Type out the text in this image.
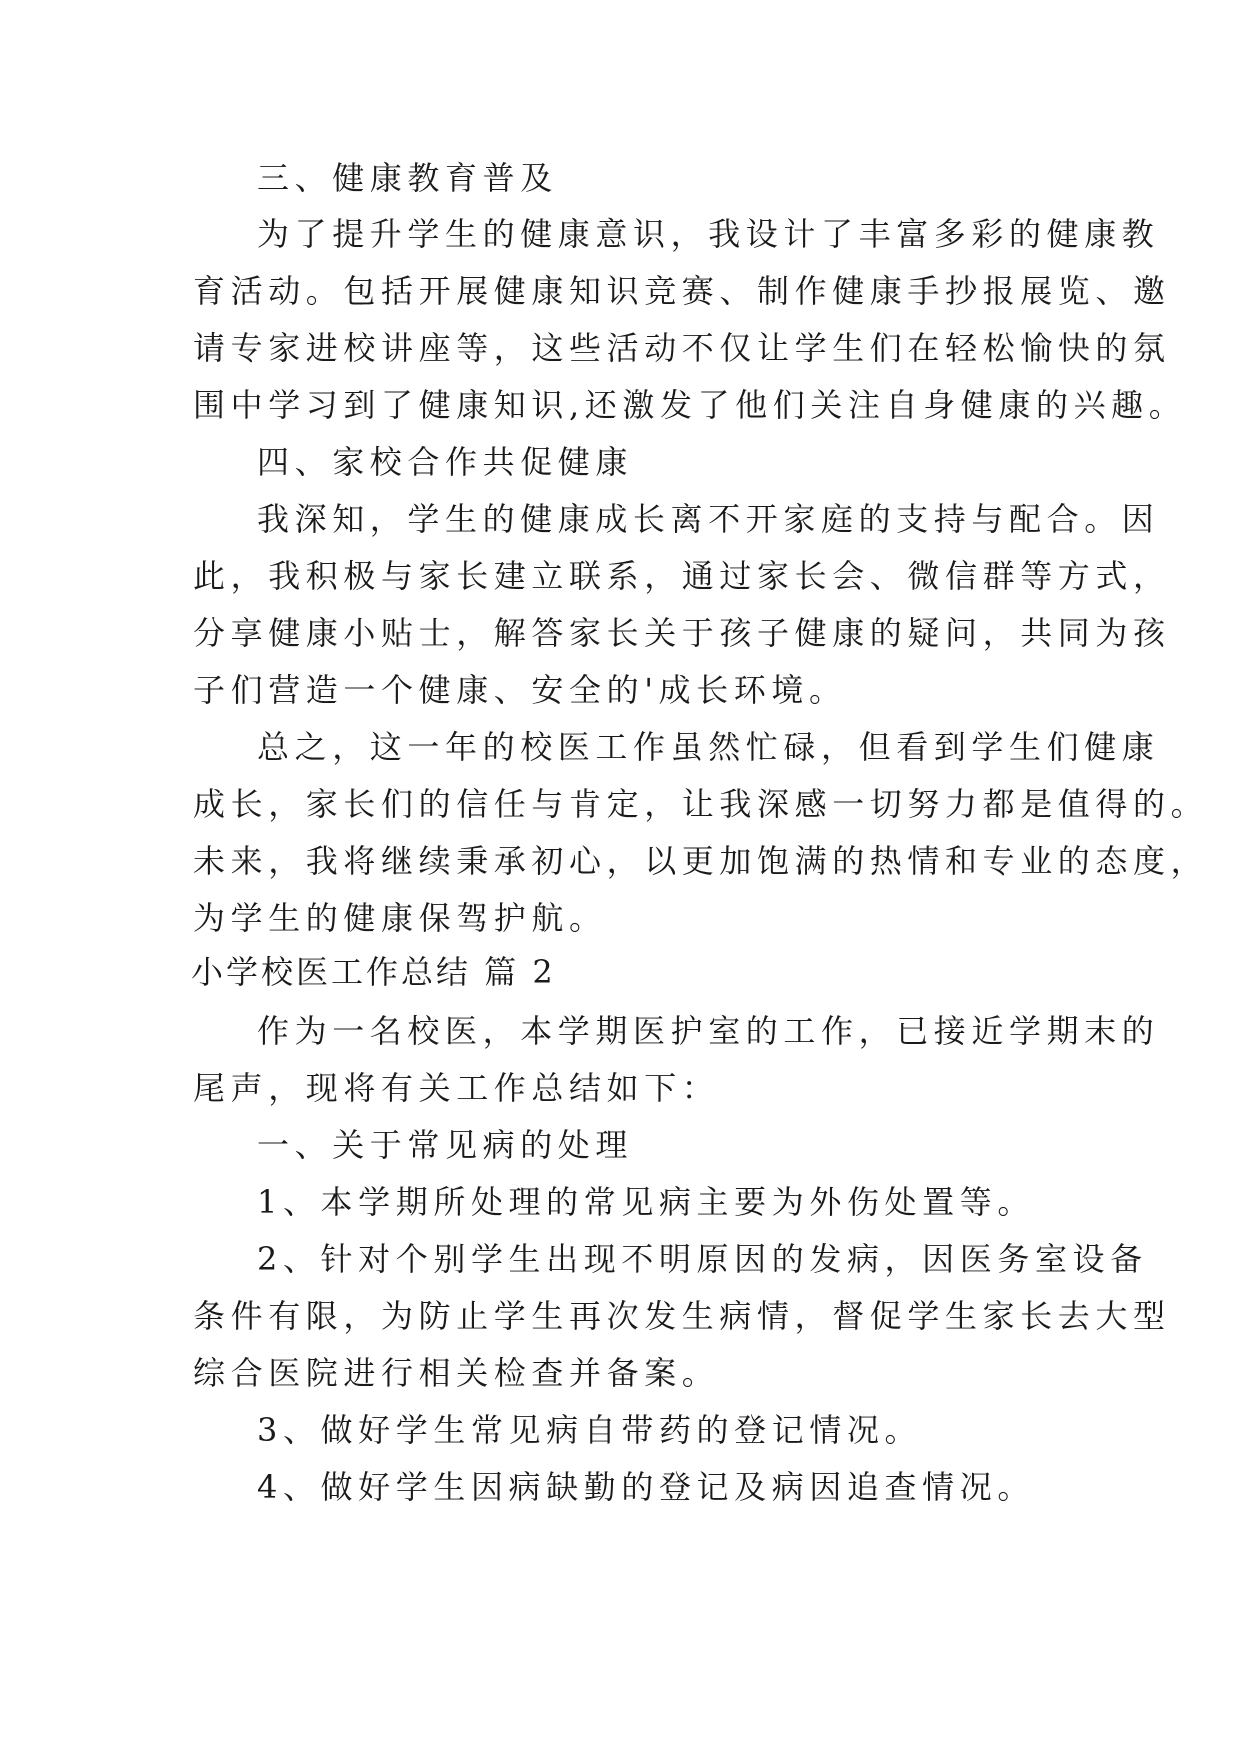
三、健康教育普及
为了提升学生的健康意识，我设计了丰富多彩的健康教
育活动。包括开展健康知识竞赛、制作健康手抄报展览、邀
请专家进校讲座等，这些活动不仅让学生们在轻松愉快的氛
围中学习到了健康知识,还激发了他们关注自身健康的兴趣。
四、家校合作共促健康
我深知，学生的健康成长离不开家庭的支持与配合。因
此，我积极与家长建立联系，通过家长会、微信群等方式，
分享健康小贴士，解答家长关于孩子健康的疑问，共同为孩
子们营造一个健康、安全的'成长环境。
总之，这一年的校医工作虽然忙碌，但看到学生们健康
成长，家长们的信任与肯定，让我深感一切努力都是值得的。
未来，我将继续秉承初心，以更加饱满的热情和专业的态度，
为学生的健康保驾护航。
小学校医工作总结 篇 2
作为一名校医，本学期医护室的工作，已接近学期末的
尾声，现将有关工作总结如下：
一、关于常见病的处理
1、本学期所处理的常见病主要为外伤处置等。
2、针对个别学生出现不明原因的发病，因医务室设备
条件有限，为防止学生再次发生病情，督促学生家长去大型
综合医院进行相关检查并备案。
3、做好学生常见病自带药的登记情况。
4、做好学生因病缺勤的登记及病因追查情况。
